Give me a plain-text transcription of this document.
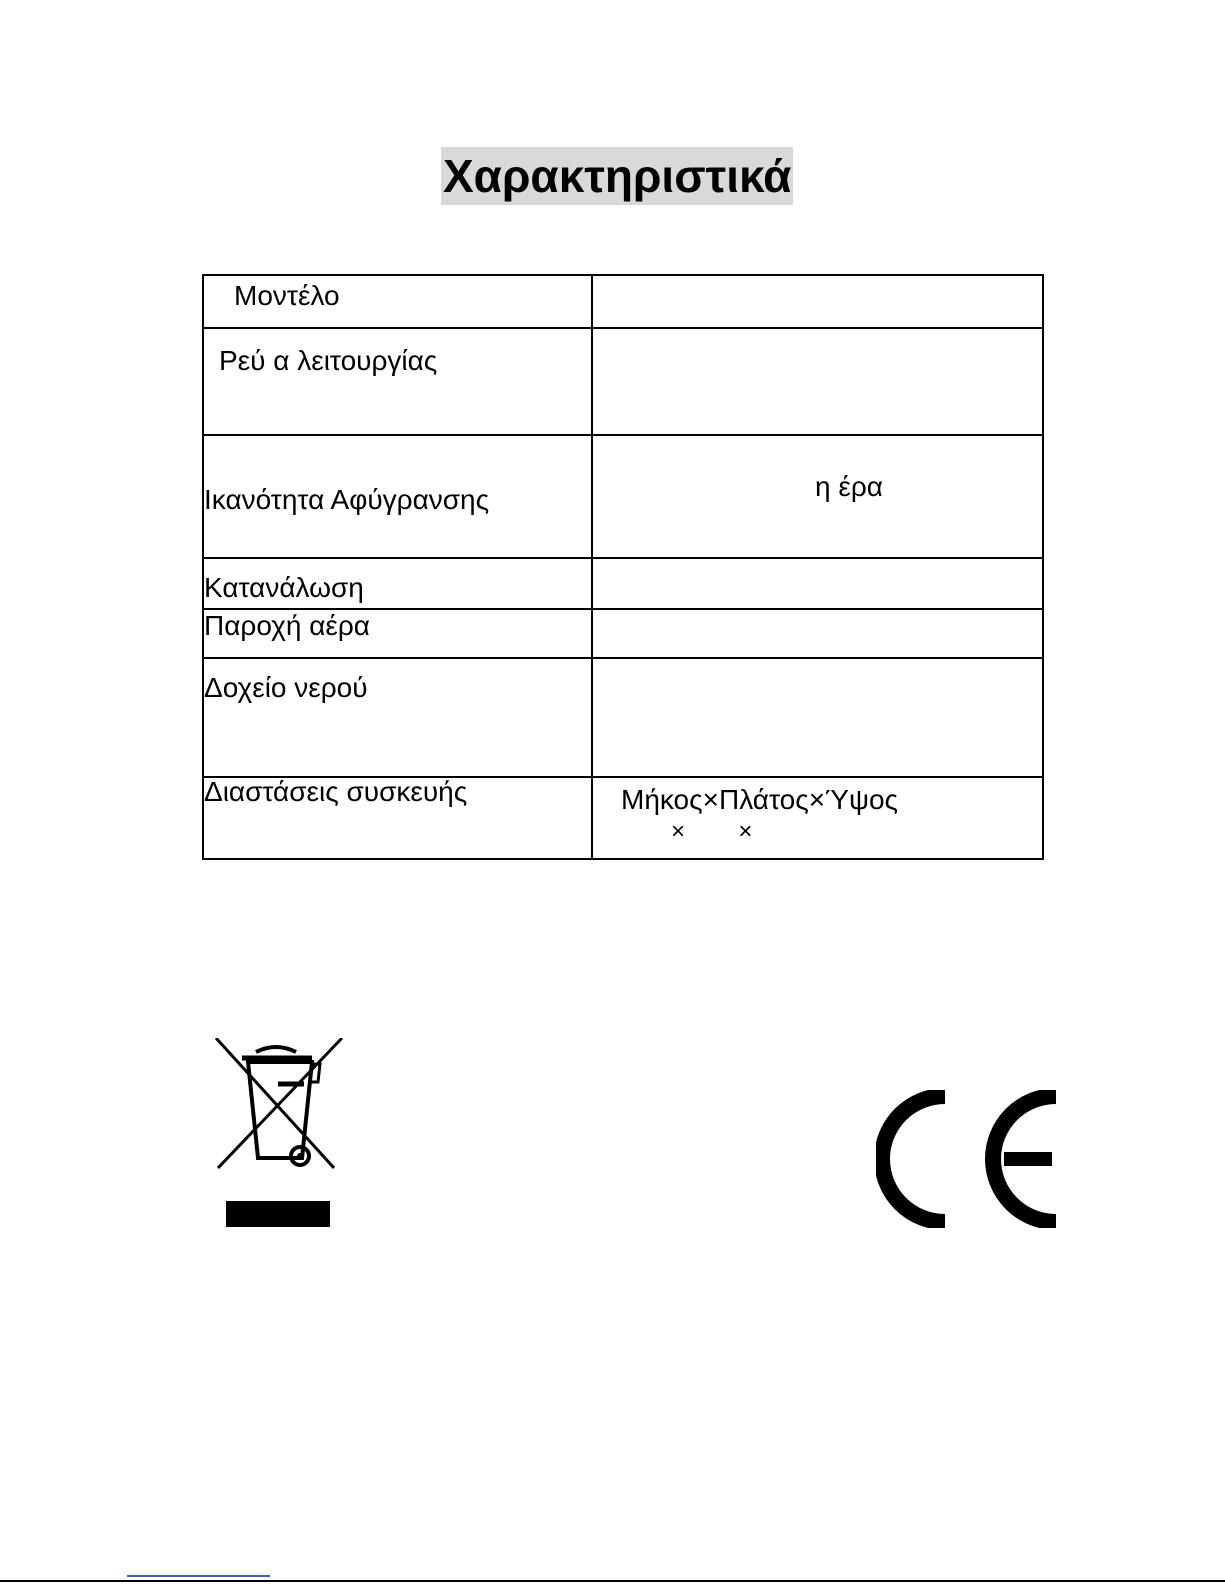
Χαρακτηριστικά
Μοντέλο
Ρεύ α λειτουργίας
Ικανότητα Αφύγρανσης	η έρα
Κατανάλωση
Παροχή αέρα
Δοχείο νερού
Διαστάσεις συσκευής	Μήκος×Πλάτος×Ύψος
×        ×
